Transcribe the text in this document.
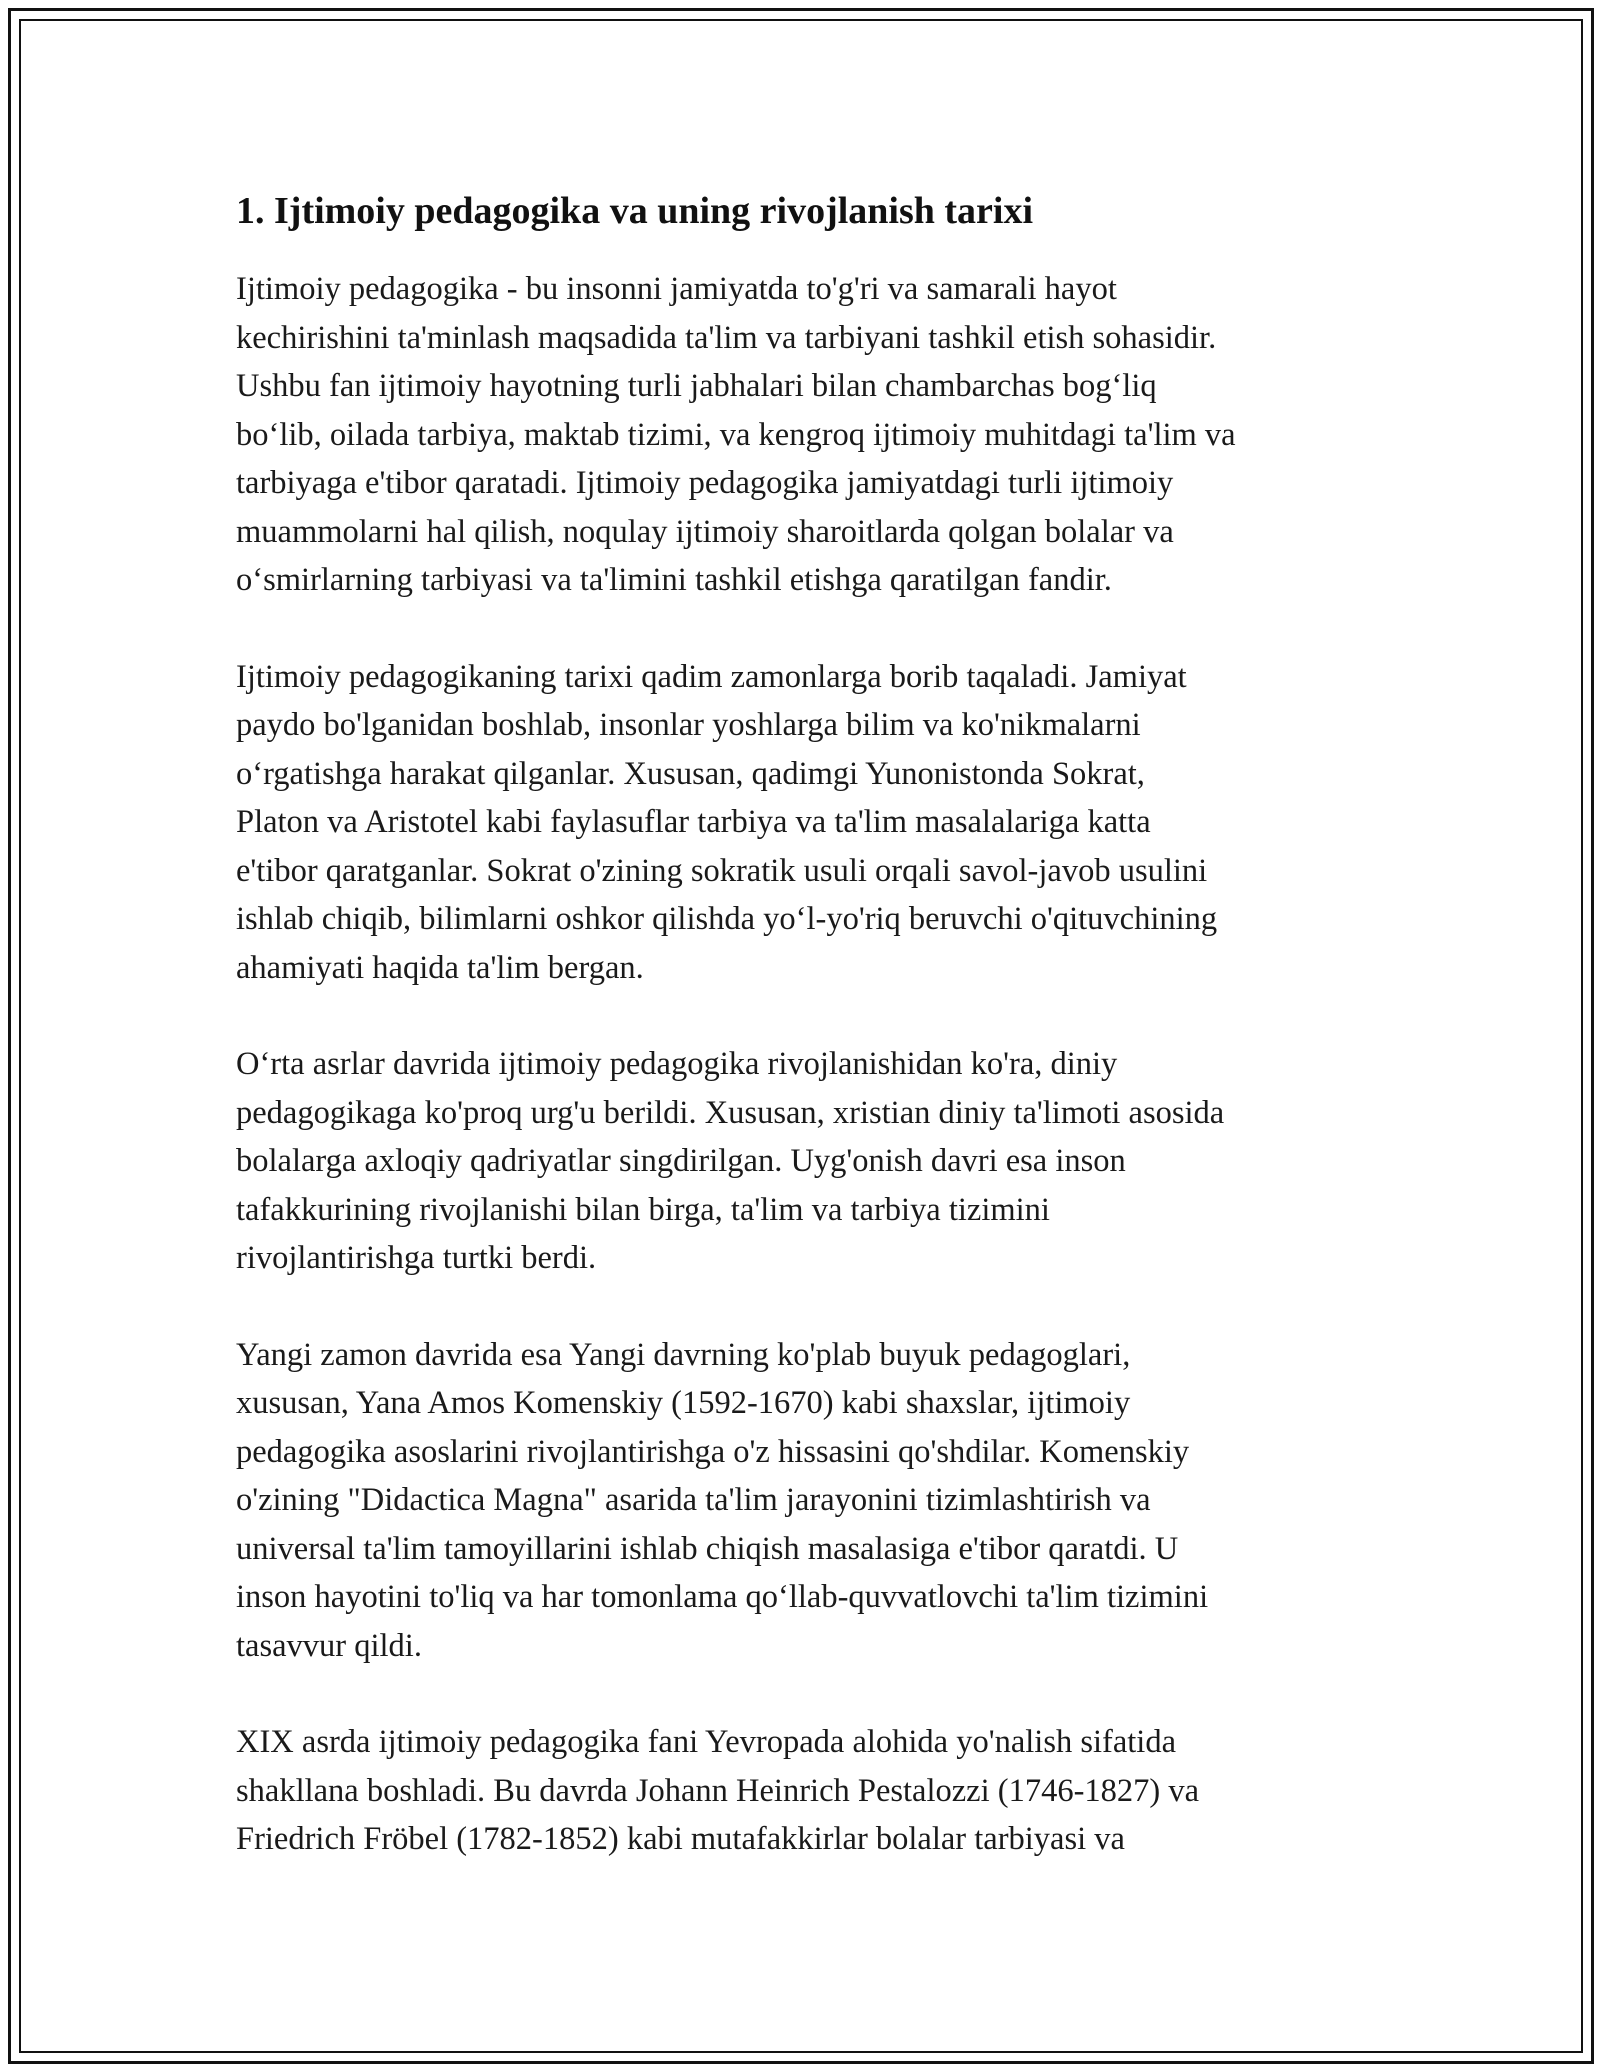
1. Ijtimoiy pedagogika va uning rivojlanish tarixi

Ijtimoiy pedagogika - bu insonni jamiyatda to'g'ri va samarali hayot
kechirishini ta'minlash maqsadida ta'lim va tarbiyani tashkil etish sohasidir.
Ushbu fan ijtimoiy hayotning turli jabhalari bilan chambarchas bog‘liq
bo‘lib, oilada tarbiya, maktab tizimi, va kengroq ijtimoiy muhitdagi ta'lim va
tarbiyaga e'tibor qaratadi. Ijtimoiy pedagogika jamiyatdagi turli ijtimoiy
muammolarni hal qilish, noqulay ijtimoiy sharoitlarda qolgan bolalar va
o‘smirlarning tarbiyasi va ta'limini tashkil etishga qaratilgan fandir.

Ijtimoiy pedagogikaning tarixi qadim zamonlarga borib taqaladi. Jamiyat
paydo bo'lganidan boshlab, insonlar yoshlarga bilim va ko'nikmalarni
o‘rgatishga harakat qilganlar. Xususan, qadimgi Yunonistonda Sokrat,
Platon va Aristotel kabi faylasuflar tarbiya va ta'lim masalalariga katta
e'tibor qaratganlar. Sokrat o'zining sokratik usuli orqali savol-javob usulini
ishlab chiqib, bilimlarni oshkor qilishda yo‘l-yo'riq beruvchi o'qituvchining
ahamiyati haqida ta'lim bergan.

O‘rta asrlar davrida ijtimoiy pedagogika rivojlanishidan ko'ra, diniy
pedagogikaga ko'proq urg'u berildi. Xususan, xristian diniy ta'limoti asosida
bolalarga axloqiy qadriyatlar singdirilgan. Uyg'onish davri esa inson
tafakkurining rivojlanishi bilan birga, ta'lim va tarbiya tizimini
rivojlantirishga turtki berdi.

Yangi zamon davrida esa Yangi davrning ko'plab buyuk pedagoglari,
xususan, Yana Amos Komenskiy (1592-1670) kabi shaxslar, ijtimoiy
pedagogika asoslarini rivojlantirishga o'z hissasini qo'shdilar. Komenskiy
o'zining "Didactica Magna" asarida ta'lim jarayonini tizimlashtirish va
universal ta'lim tamoyillarini ishlab chiqish masalasiga e'tibor qaratdi. U
inson hayotini to'liq va har tomonlama qo‘llab-quvvatlovchi ta'lim tizimini
tasavvur qildi.

XIX asrda ijtimoiy pedagogika fani Yevropada alohida yo'nalish sifatida
shakllana boshladi. Bu davrda Johann Heinrich Pestalozzi (1746-1827) va
Friedrich Fröbel (1782-1852) kabi mutafakkirlar bolalar tarbiyasi va
